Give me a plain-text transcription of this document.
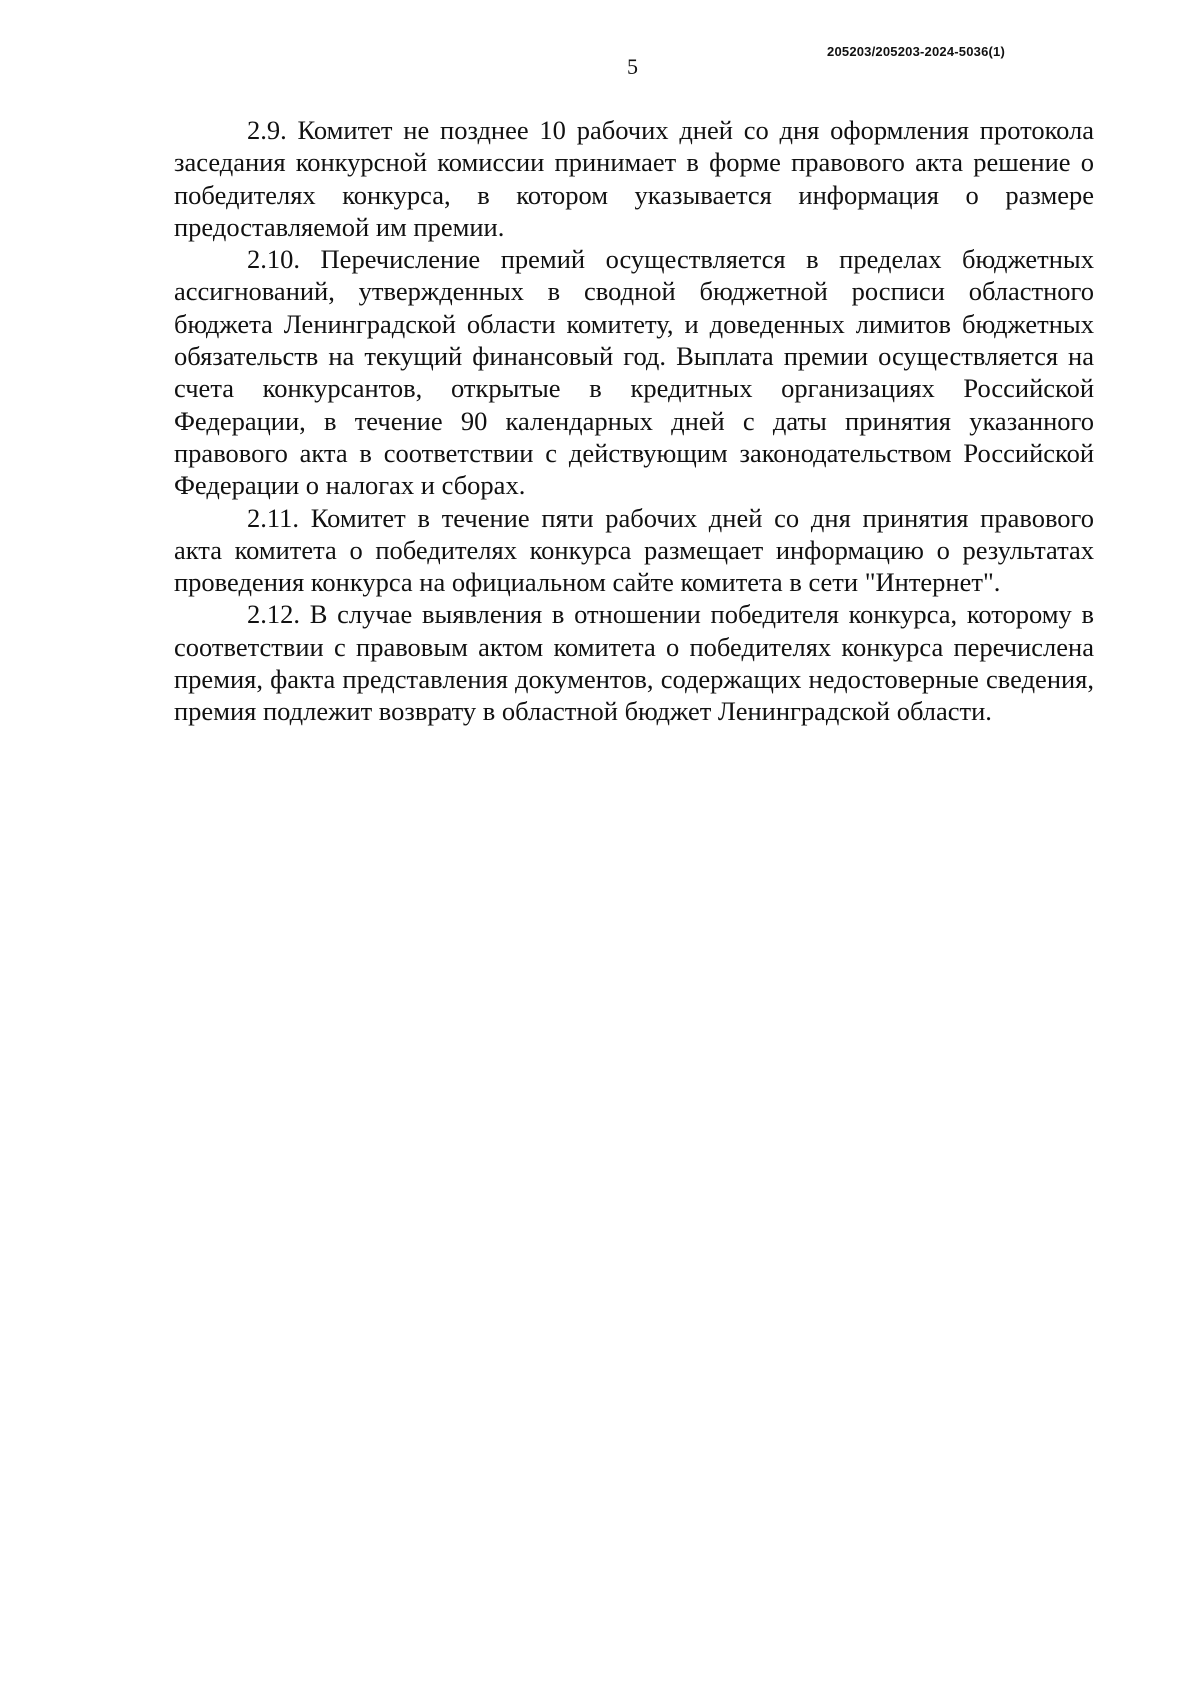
205203/205203-2024-5036(1)
5

2.9. Комитет не позднее 10 рабочих дней со дня оформления протокола заседания конкурсной комиссии принимает в форме правового акта решение о победителях конкурса, в котором указывается информация о размере предоставляемой им премии.

2.10. Перечисление премий осуществляется в пределах бюджетных ассигнований, утвержденных в сводной бюджетной росписи областного бюджета Ленинградской области комитету, и доведенных лимитов бюджетных обязательств на текущий финансовый год. Выплата премии осуществляется на счета конкурсантов, открытые в кредитных организациях Российской Федерации, в течение 90 календарных дней с даты принятия указанного правового акта в соответствии с действующим законодательством Российской Федерации о налогах и сборах.

2.11. Комитет в течение пяти рабочих дней со дня принятия правового акта комитета о победителях конкурса размещает информацию о результатах проведения конкурса на официальном сайте комитета в сети "Интернет".

2.12. В случае выявления в отношении победителя конкурса, которому в соответствии с правовым актом комитета о победителях конкурса перечислена премия, факта представления документов, содержащих недостоверные сведения, премия подлежит возврату в областной бюджет Ленинградской области.
